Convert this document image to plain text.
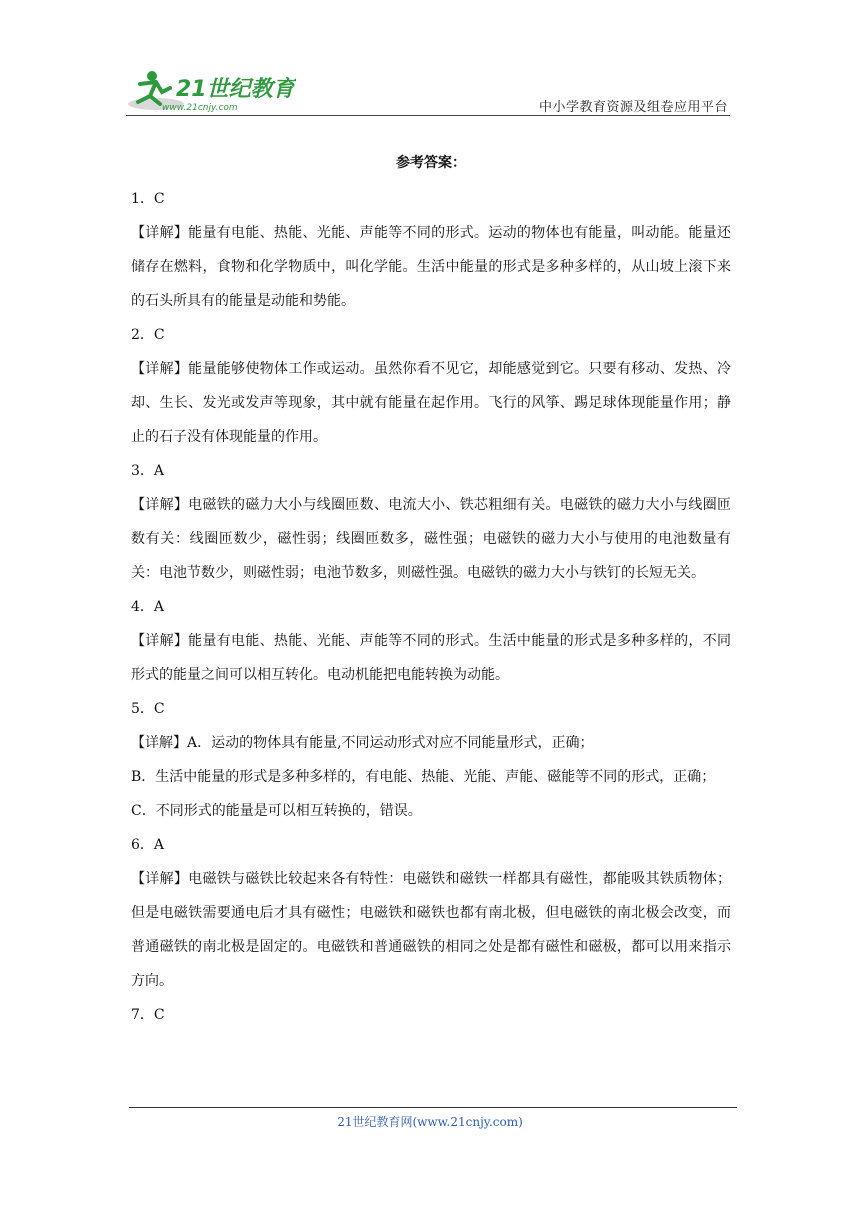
21世纪教育
www.21cnjy.com	中小学教育资源及组卷应用平台
参考答案：
1．C
【详解】能量有电能、热能、光能、声能等不同的形式。运动的物体也有能量，叫动能。能量还储存在燃料，食物和化学物质中，叫化学能。生活中能量的形式是多种多样的，从山坡上滚下来的石头所具有的能量是动能和势能。
2．C
【详解】能量能够使物体工作或运动。虽然你看不见它，却能感觉到它。只要有移动、发热、冷却、生长、发光或发声等现象，其中就有能量在起作用。飞行的风筝、踢足球体现能量作用；静止的石子没有体现能量的作用。
3．A
【详解】电磁铁的磁力大小与线圈匝数、电流大小、铁芯粗细有关。电磁铁的磁力大小与线圈匝数有关：线圈匝数少，磁性弱；线圈匝数多，磁性强；电磁铁的磁力大小与使用的电池数量有关：电池节数少，则磁性弱；电池节数多，则磁性强。电磁铁的磁力大小与铁钉的长短无关。
4．A
【详解】能量有电能、热能、光能、声能等不同的形式。生活中能量的形式是多种多样的，不同形式的能量之间可以相互转化。电动机能把电能转换为动能。
5．C
【详解】A．运动的物体具有能量,不同运动形式对应不同能量形式，正确；
B．生活中能量的形式是多种多样的，有电能、热能、光能、声能、磁能等不同的形式，正确；
C．不同形式的能量是可以相互转换的，错误。
6．A
【详解】电磁铁与磁铁比较起来各有特性：电磁铁和磁铁一样都具有磁性，都能吸其铁质物体；但是电磁铁需要通电后才具有磁性；电磁铁和磁铁也都有南北极，但电磁铁的南北极会改变，而普通磁铁的南北极是固定的。电磁铁和普通磁铁的相同之处是都有磁性和磁极，都可以用来指示方向。
7．C
21世纪教育网(www.21cnjy.com)
